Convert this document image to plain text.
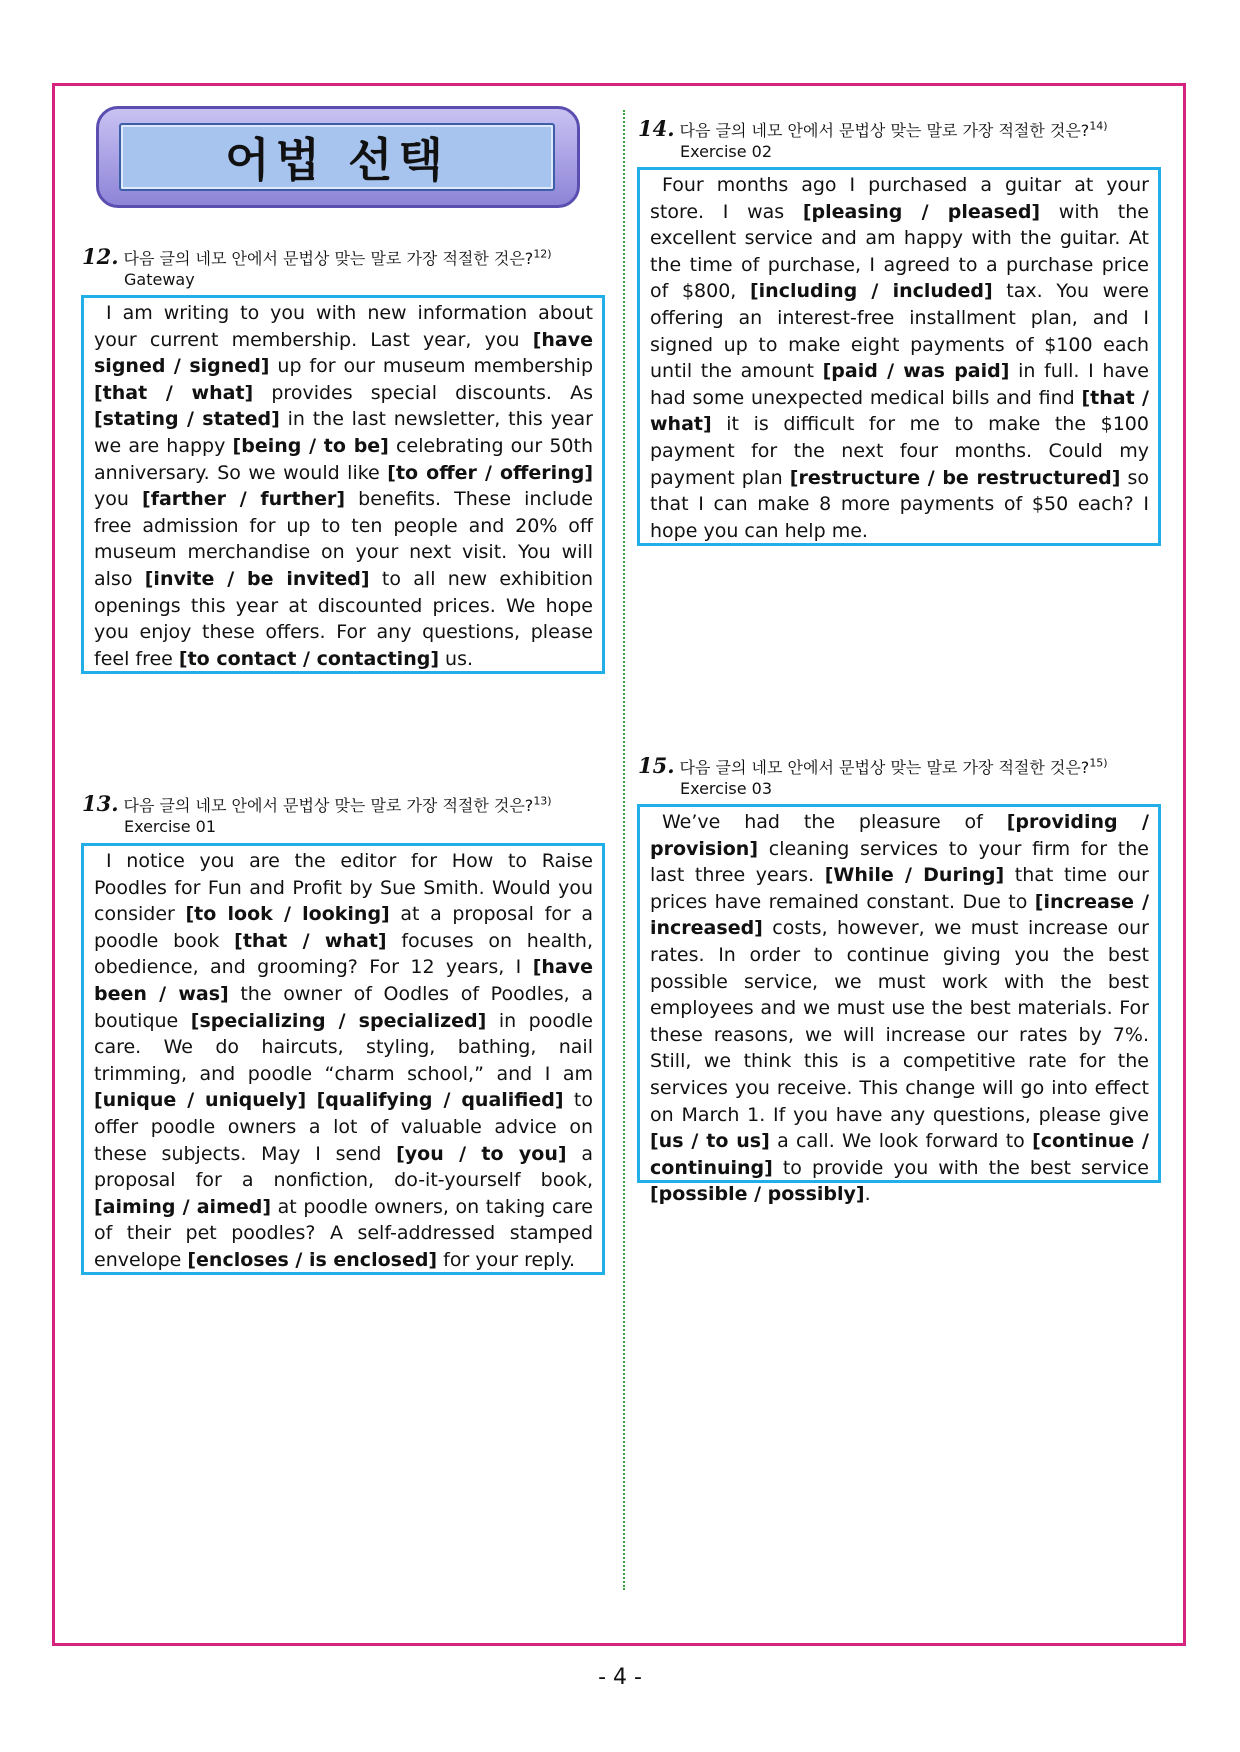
어법 선택
12. 다음 글의 네모 안에서 문법상 맞는 말로 가장 적절한 것은?$^{12)}$
Gateway
I am writing to you with new information about your current membership. Last year, you [have signed / signed] up for our museum membership [that / what] provides special discounts. As [stating / stated] in the last newsletter, this year we are happy [being / to be] celebrating our 50th anniversary. So we would like [to offer / offering] you [farther / further] benefits. These include free admission for up to ten people and 20% off museum merchandise on your next visit. You will also [invite / be invited] to all new exhibition openings this year at discounted prices. We hope you enjoy these offers. For any questions, please feel free [to contact / contacting] us.
13. 다음 글의 네모 안에서 문법상 맞는 말로 가장 적절한 것은?$^{13)}$
Exercise 01
I notice you are the editor for How to Raise Poodles for Fun and Profit by Sue Smith. Would you consider [to look / looking] at a proposal for a poodle book [that / what] focuses on health, obedience, and grooming? For 12 years, I [have been / was] the owner of Oodles of Poodles, a boutique [specializing / specialized] in poodle care. We do haircuts, styling, bathing, nail trimming, and poodle “charm school,” and I am [unique / uniquely] [qualifying / qualified] to offer poodle owners a lot of valuable advice on these subjects. May I send [you / to you] a proposal for a nonfiction, do-it-yourself book, [aiming / aimed] at poodle owners, on taking care of their pet poodles? A self-addressed stamped envelope [encloses / is enclosed] for your reply.
14. 다음 글의 네모 안에서 문법상 맞는 말로 가장 적절한 것은?$^{14)}$
Exercise 02
Four months ago I purchased a guitar at your store. I was [pleasing / pleased] with the excellent service and am happy with the guitar. At the time of purchase, I agreed to a purchase price of $800, [including / included] tax. You were offering an interest-free installment plan, and I signed up to make eight payments of $100 each until the amount [paid / was paid] in full. I have had some unexpected medical bills and find [that / what] it is difficult for me to make the $100 payment for the next four months. Could my payment plan [restructure / be restructured] so that I can make 8 more payments of $50 each? I hope you can help me.
15. 다음 글의 네모 안에서 문법상 맞는 말로 가장 적절한 것은?$^{15)}$
Exercise 03
We’ve had the pleasure of [providing / provision] cleaning services to your firm for the last three years. [While / During] that time our prices have remained constant. Due to [increase / increased] costs, however, we must increase our rates. In order to continue giving you the best possible service, we must work with the best employees and we must use the best materials. For these reasons, we will increase our rates by 7%. Still, we think this is a competitive rate for the services you receive. This change will go into effect on March 1. If you have any questions, please give [us / to us] a call. We look forward to [continue / continuing] to provide you with the best service [possible / possibly].
- 4 -
